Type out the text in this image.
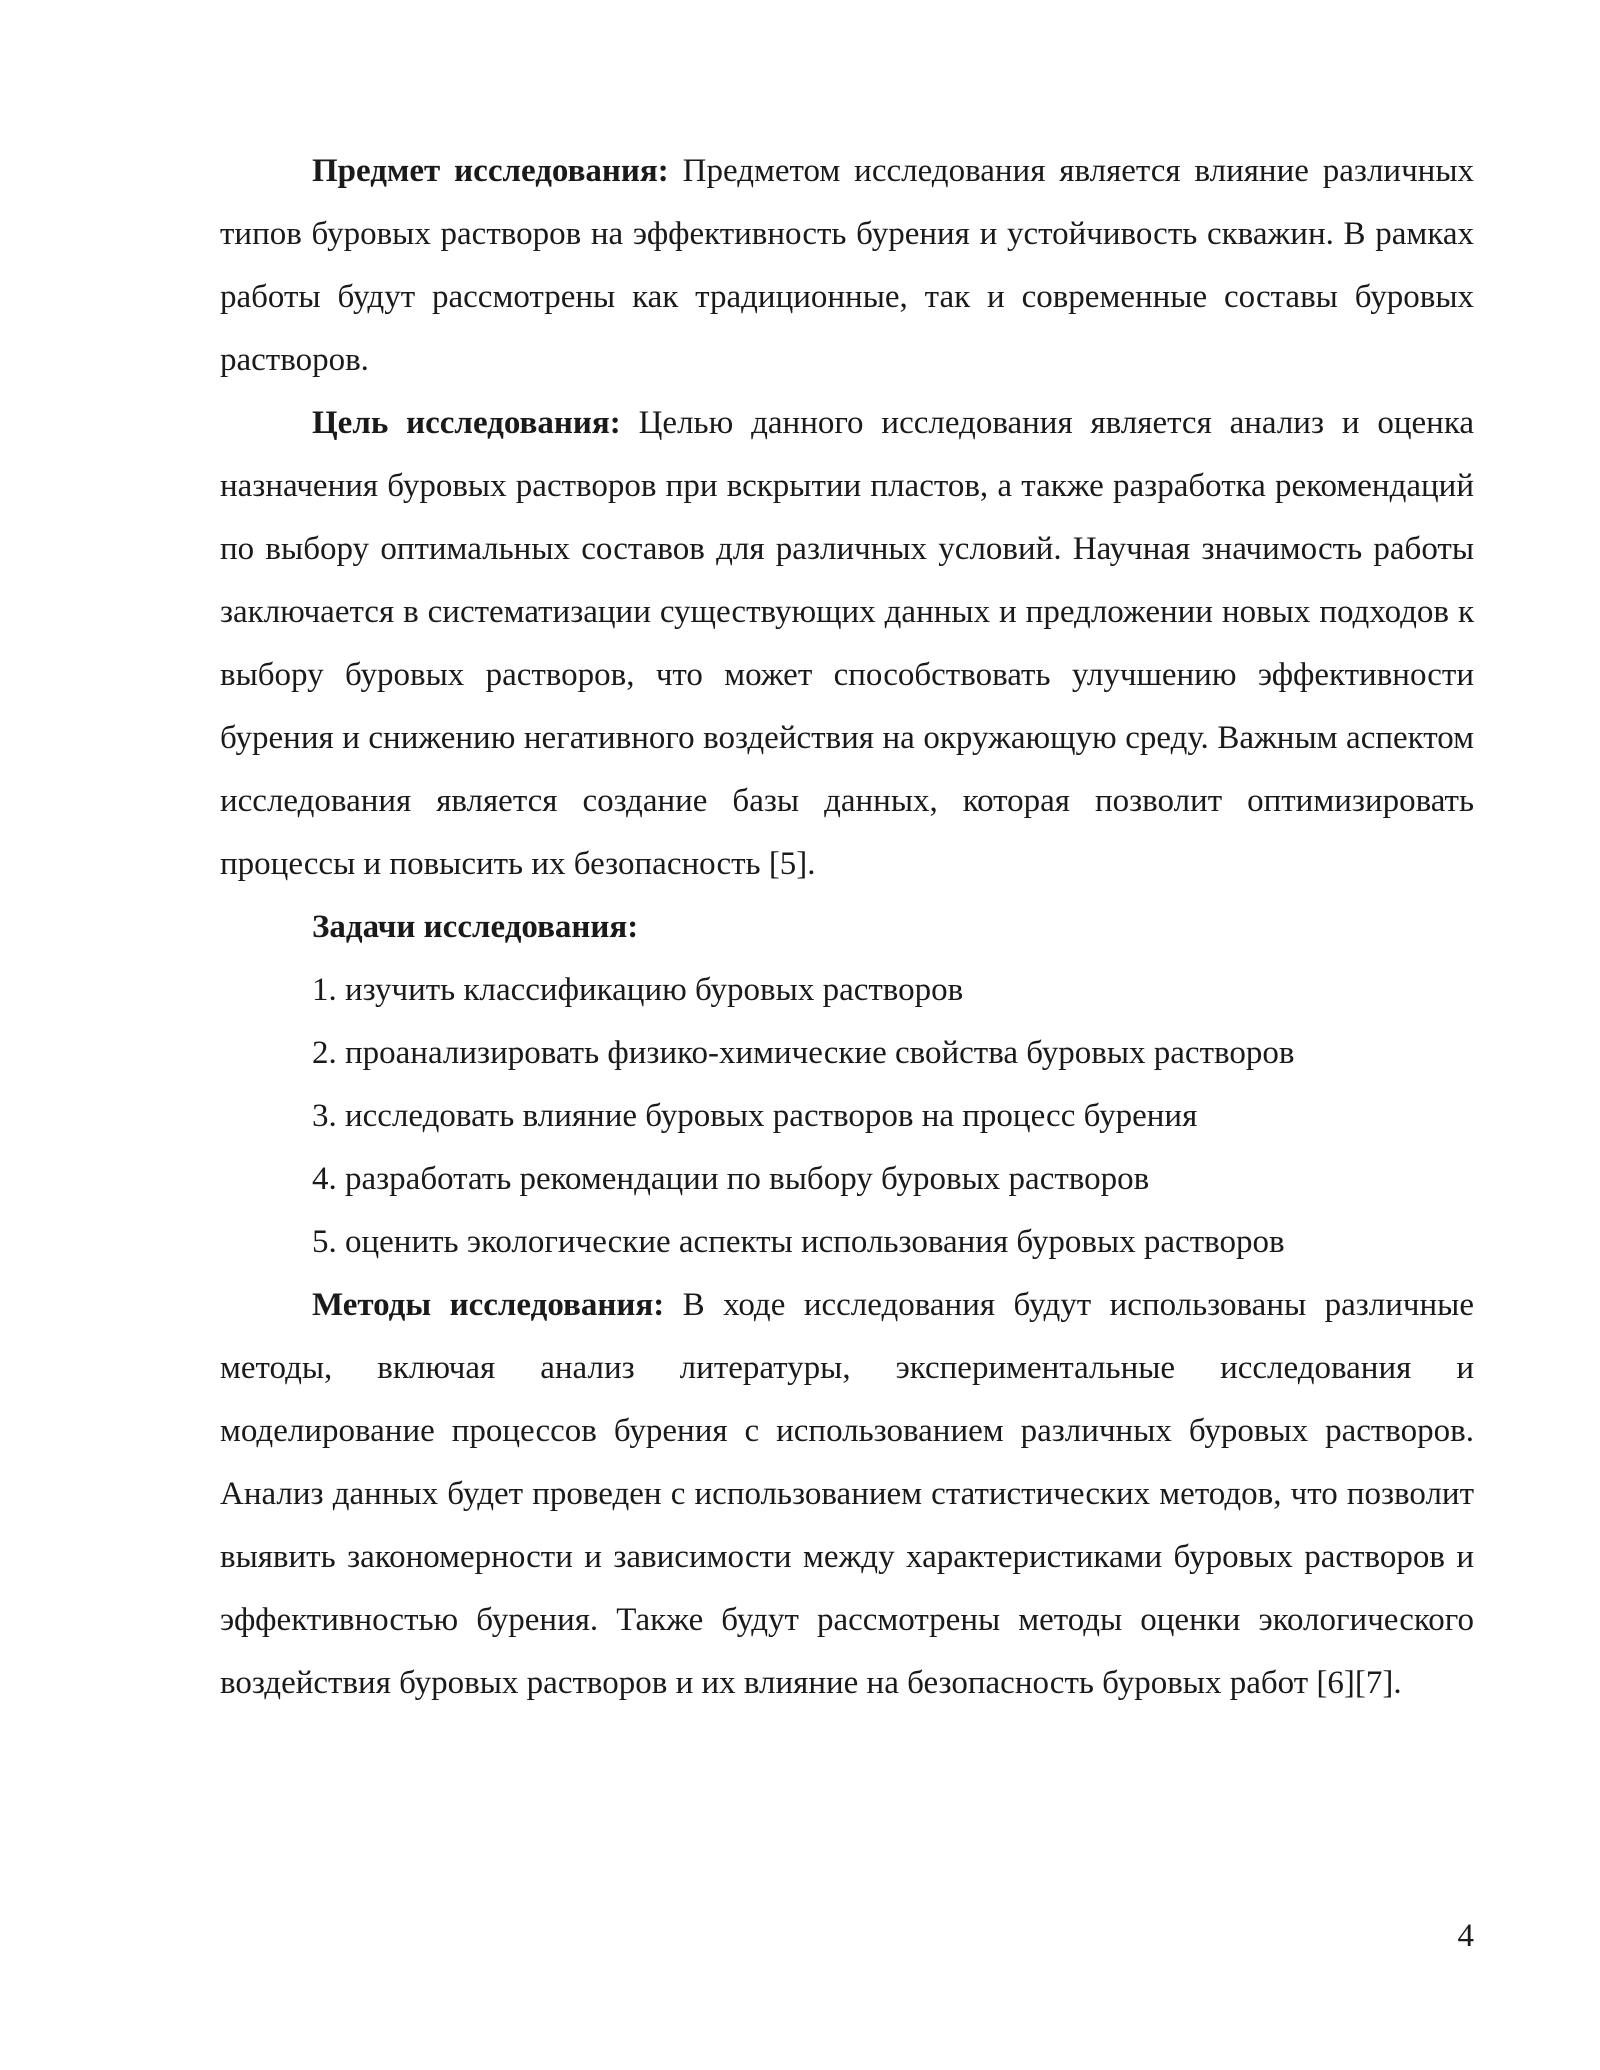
Предмет исследования: Предметом исследования является влияние различных типов буровых растворов на эффективность бурения и устойчивость скважин. В рамках работы будут рассмотрены как традиционные, так и современные составы буровых растворов.

Цель исследования: Целью данного исследования является анализ и оценка назначения буровых растворов при вскрытии пластов, а также разработка рекомендаций по выбору оптимальных составов для различных условий. Научная значимость работы заключается в систематизации существующих данных и предложении новых подходов к выбору буровых растворов, что может способствовать улучшению эффективности бурения и снижению негативного воздействия на окружающую среду. Важным аспектом исследования является создание базы данных, которая позволит оптимизировать процессы и повысить их безопасность [5].

Задачи исследования:

1. изучить классификацию буровых растворов

2. проанализировать физико-химические свойства буровых растворов

3. исследовать влияние буровых растворов на процесс бурения

4. разработать рекомендации по выбору буровых растворов

5. оценить экологические аспекты использования буровых растворов

Методы исследования: В ходе исследования будут использованы различные методы, включая анализ литературы, экспериментальные исследования и моделирование процессов бурения с использованием различных буровых растворов. Анализ данных будет проведен с использованием статистических методов, что позволит выявить закономерности и зависимости между характеристиками буровых растворов и эффективностью бурения. Также будут рассмотрены методы оценки экологического воздействия буровых растворов и их влияние на безопасность буровых работ [6][7].

4
